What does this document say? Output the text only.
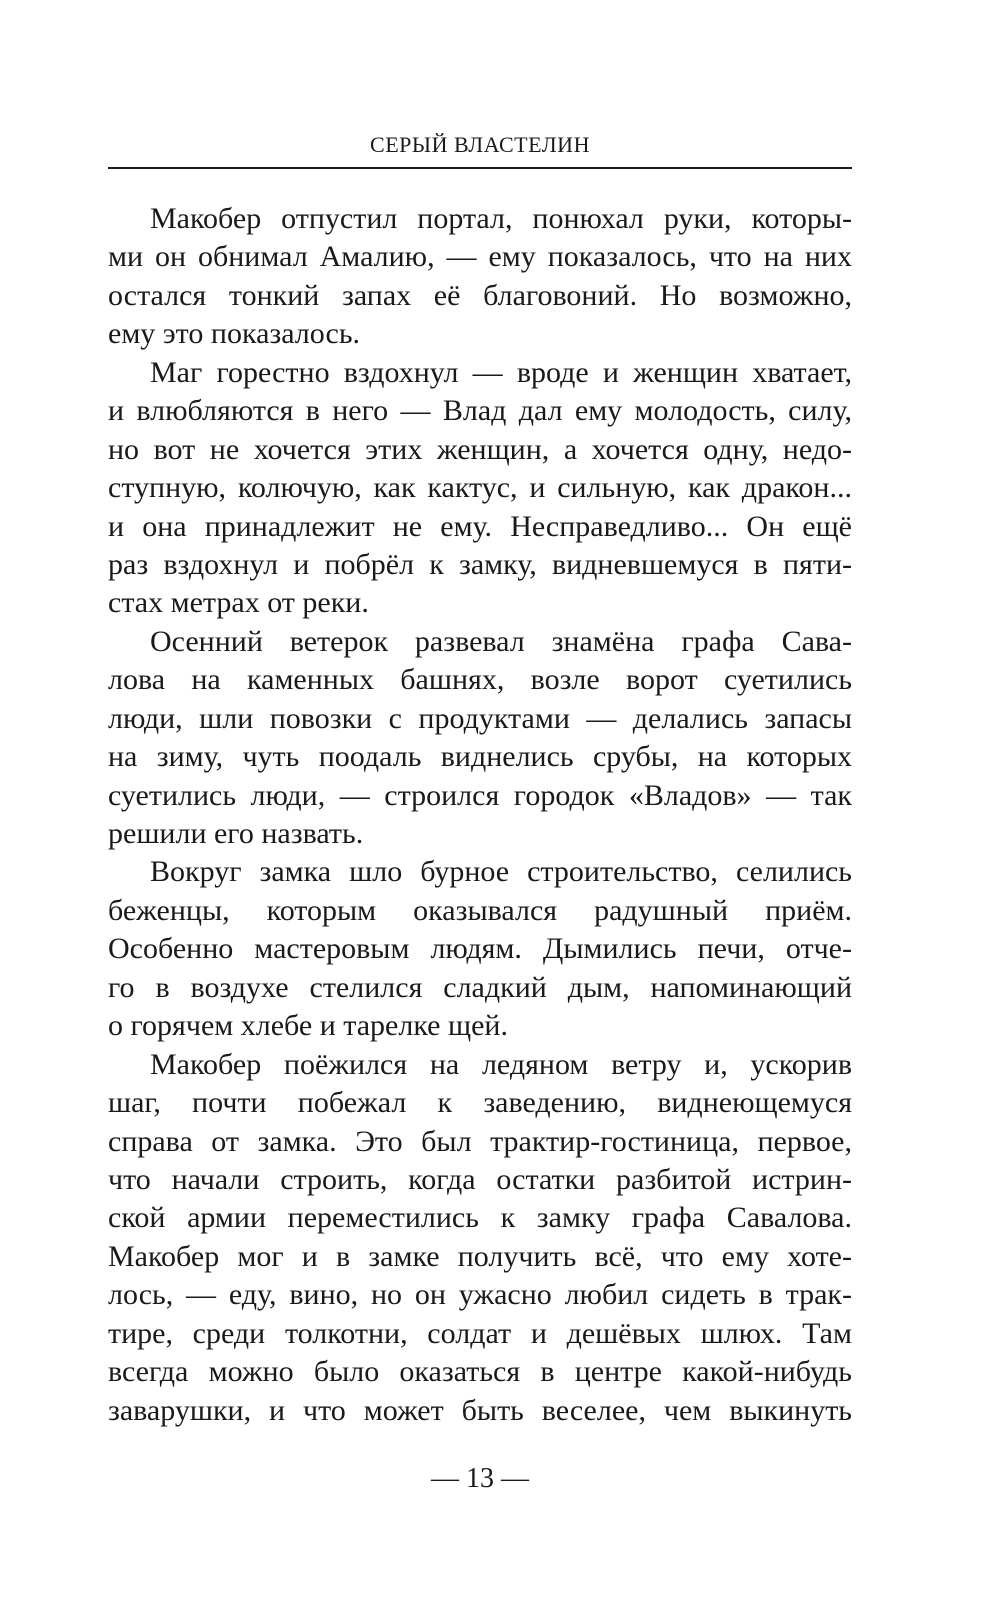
СЕРЫЙ ВЛАСТЕЛИН
Макобер отпустил портал, понюхал руки, которы-
ми он обнимал Амалию, — ему показалось, что на них
остался тонкий запах её благовоний. Но возможно,
ему это показалось.
Маг горестно вздохнул — вроде и женщин хватает,
и влюбляются в него — Влад дал ему молодость, силу,
но вот не хочется этих женщин, а хочется одну, недо-
ступную, колючую, как кактус, и сильную, как дракон...
и она принадлежит не ему. Несправедливо... Он ещё
раз вздохнул и побрёл к замку, видневшемуся в пяти-
стах метрах от реки.
Осенний ветерок развевал знамёна графа Сава-
лова на каменных башнях, возле ворот суетились
люди, шли повозки с продуктами — делались запасы
на зиму, чуть поодаль виднелись срубы, на которых
суетились люди, — строился городок «Владов» — так
решили его назвать.
Вокруг замка шло бурное строительство, селились
беженцы, которым оказывался радушный приём.
Особенно мастеровым людям. Дымились печи, отче-
го в воздухе стелился сладкий дым, напоминающий
о горячем хлебе и тарелке щей.
Макобер поёжился на ледяном ветру и, ускорив
шаг, почти побежал к заведению, виднеющемуся
справа от замка. Это был трактир-гостиница, первое,
что начали строить, когда остатки разбитой истрин-
ской армии переместились к замку графа Савалова.
Макобер мог и в замке получить всё, что ему хоте-
лось, — еду, вино, но он ужасно любил сидеть в трак-
тире, среди толкотни, солдат и дешёвых шлюх. Там
всегда можно было оказаться в центре какой-нибудь
заварушки, и что может быть веселее, чем выкинуть
— 13 —
